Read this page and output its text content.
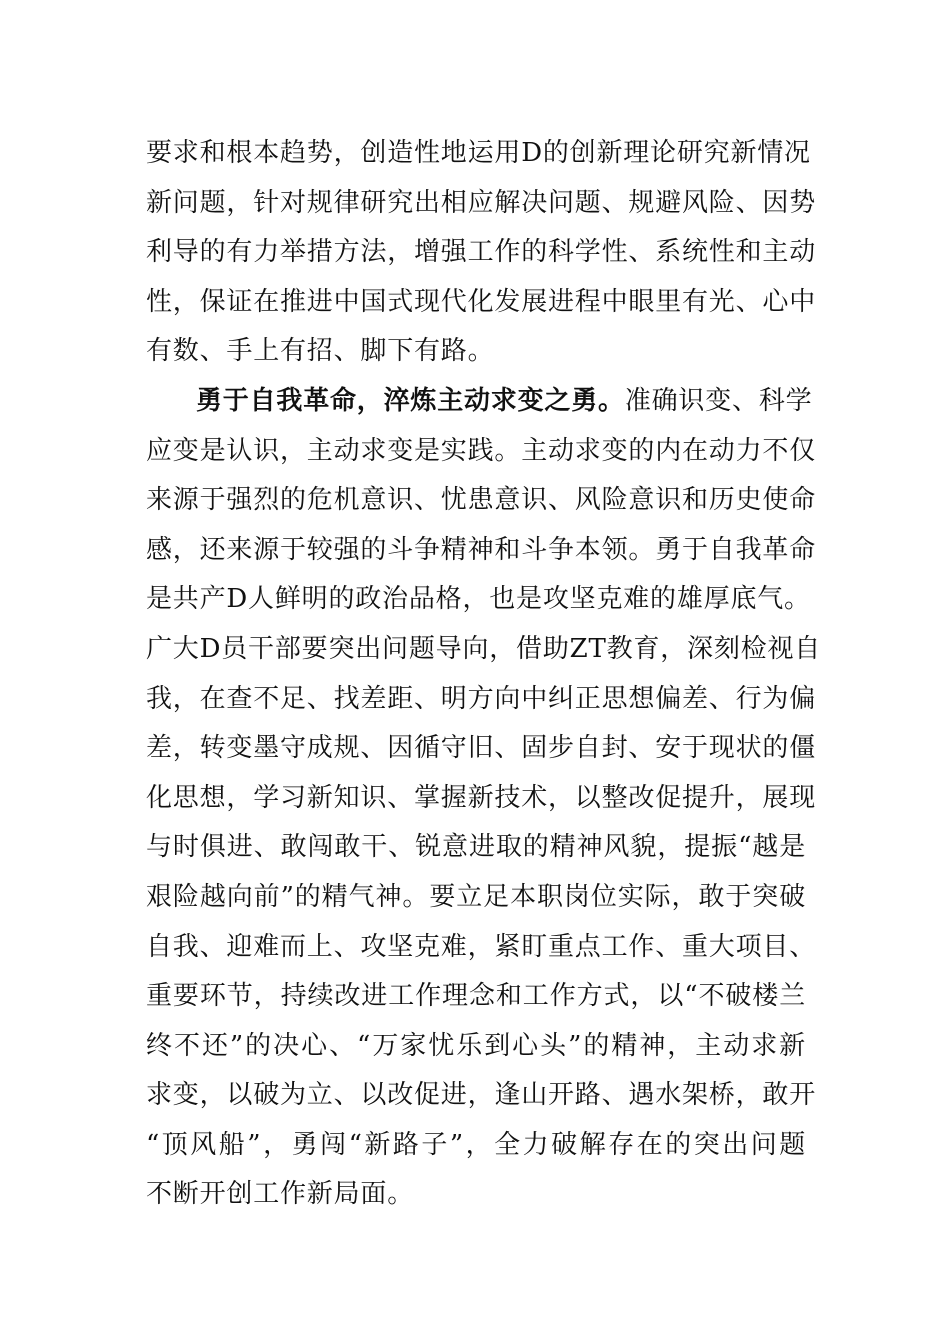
要求和根本趋势，创造性地运用D的创新理论研究新情况
新问题，针对规律研究出相应解决问题、规避风险、因势
利导的有力举措方法，增强工作的科学性、系统性和主动
性，保证在推进中国式现代化发展进程中眼里有光、心中
有数、手上有招、脚下有路。
勇于自我革命，淬炼主动求变之勇。准确识变、科学
应变是认识，主动求变是实践。主动求变的内在动力不仅
来源于强烈的危机意识、忧患意识、风险意识和历史使命
感，还来源于较强的斗争精神和斗争本领。勇于自我革命
是共产D人鲜明的政治品格，也是攻坚克难的雄厚底气。
广大D员干部要突出问题导向，借助ZT教育，深刻检视自
我，在查不足、找差距、明方向中纠正思想偏差、行为偏
差，转变墨守成规、因循守旧、固步自封、安于现状的僵
化思想，学习新知识、掌握新技术，以整改促提升，展现
与时俱进、敢闯敢干、锐意进取的精神风貌，提振“越是
艰险越向前”的精气神。要立足本职岗位实际，敢于突破
自我、迎难而上、攻坚克难，紧盯重点工作、重大项目、
重要环节，持续改进工作理念和工作方式，以“不破楼兰
终不还”的决心、“万家忧乐到心头”的精神，主动求新
求变，以破为立、以改促进，逢山开路、遇水架桥，敢开
“顶风船”，勇闯“新路子”，全力破解存在的突出问题
不断开创工作新局面。
